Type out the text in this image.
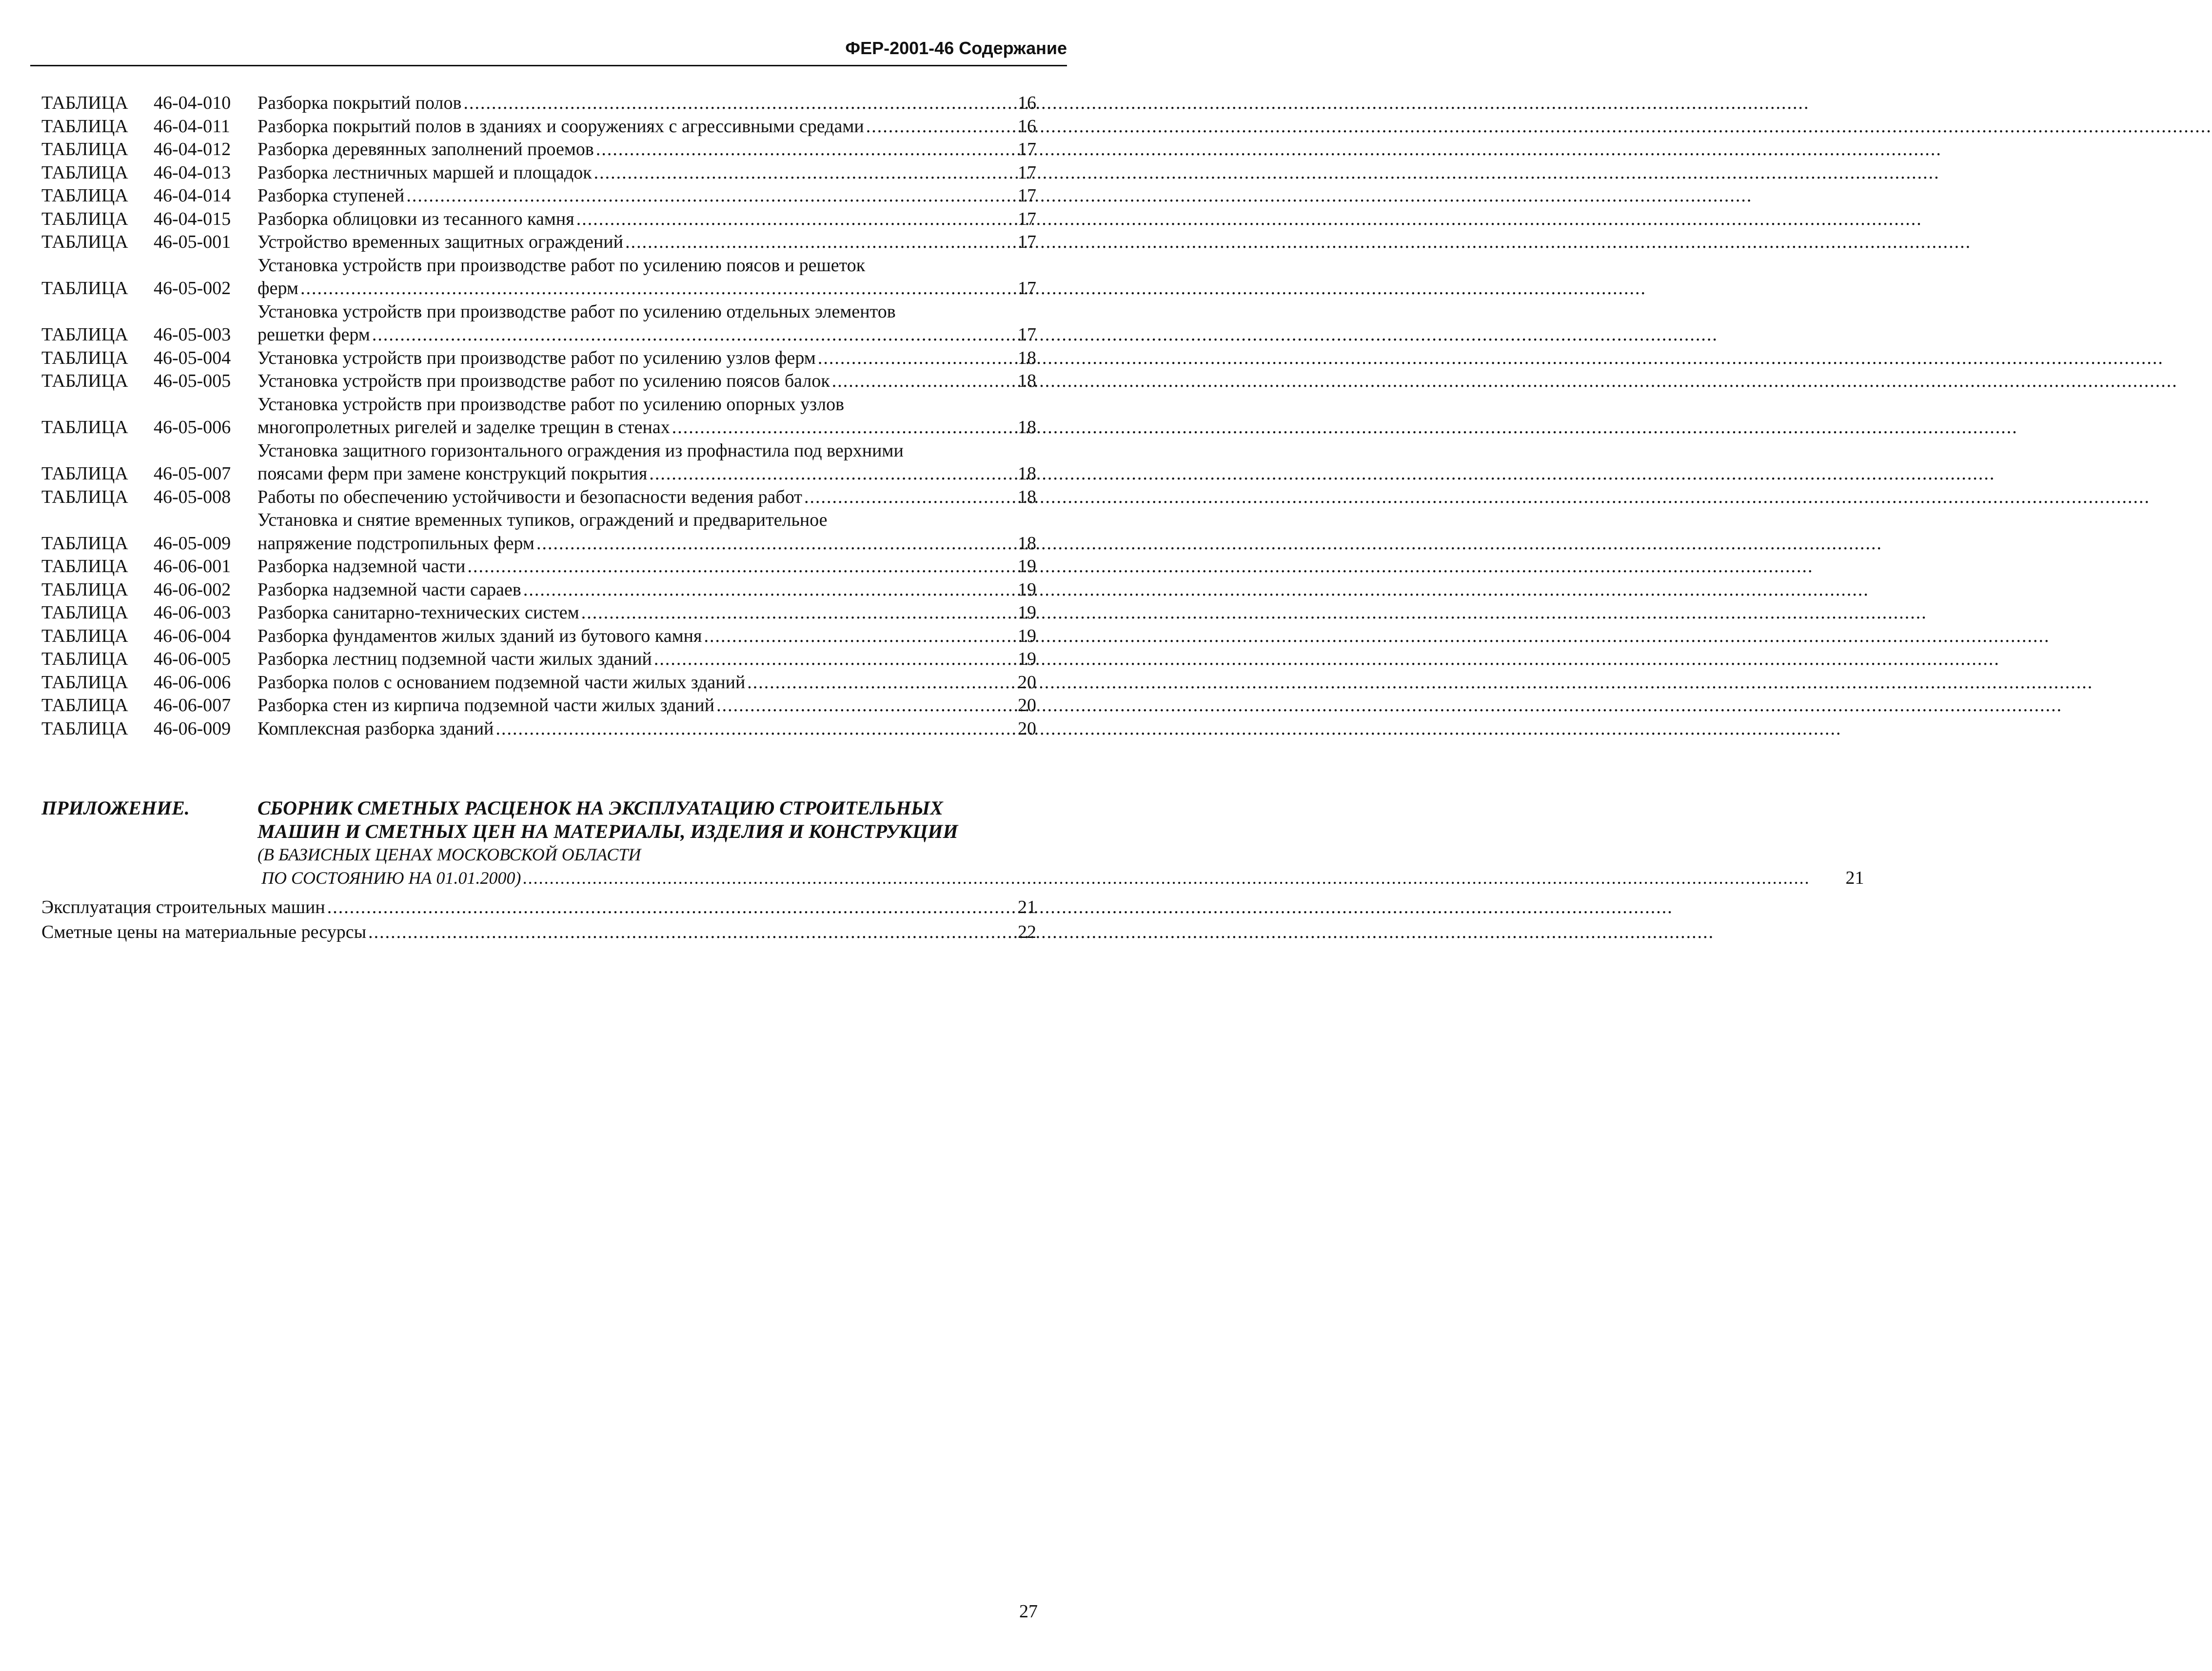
ФЕР-2001-46 Содержание
ТАБЛИЦА	46-04-010	Разборка покрытий полов .....	16
ТАБЛИЦА	46-04-011	Разборка покрытий полов в зданиях и сооружениях с агрессивными средами .....	16
ТАБЛИЦА	46-04-012	Разборка деревянных заполнений проемов .....	17
ТАБЛИЦА	46-04-013	Разборка лестничных маршей и площадок .....	17
ТАБЛИЦА	46-04-014	Разборка ступеней .....	17
ТАБЛИЦА	46-04-015	Разборка облицовки из тесанного камня .....	17
ТАБЛИЦА	46-05-001	Устройство временных защитных ограждений .....	17
ТАБЛИЦА	46-05-002
Установка устройств при производстве работ по усилению поясов и решеток
ферм .....	17
ТАБЛИЦА	46-05-003
Установка устройств при производстве работ по усилению отдельных элементов
решетки ферм .....	17
ТАБЛИЦА	46-05-004	Установка устройств при производстве работ по усилению узлов ферм .....	18
ТАБЛИЦА	46-05-005	Установка устройств при производстве работ по усилению поясов балок .....	18
ТАБЛИЦА	46-05-006
Установка устройств при производстве работ по усилению опорных узлов
многопролетных ригелей и заделке трещин в стенах .....	18
ТАБЛИЦА	46-05-007
Установка защитного горизонтального ограждения из профнастила под верхними
поясами ферм при замене конструкций покрытия .....	18
ТАБЛИЦА	46-05-008	Работы по обеспечению устойчивости и безопасности ведения работ .....	18
ТАБЛИЦА	46-05-009
Установка и снятие временных тупиков, ограждений и предварительное
напряжение подстропильных ферм .....	18
ТАБЛИЦА	46-06-001	Разборка надземной части .....	19
ТАБЛИЦА	46-06-002	Разборка надземной части сараев .....	19
ТАБЛИЦА	46-06-003	Разборка санитарно-технических систем .....	19
ТАБЛИЦА	46-06-004	Разборка фундаментов жилых зданий из бутового камня .....	19
ТАБЛИЦА	46-06-005	Разборка лестниц подземной части жилых зданий .....	19
ТАБЛИЦА	46-06-006	Разборка полов с основанием подземной части жилых зданий .....	20
ТАБЛИЦА	46-06-007	Разборка стен из кирпича подземной части жилых зданий .....	20
ТАБЛИЦА	46-06-009	Комплексная разборка зданий .....	20
ПРИЛОЖЕНИЕ.	СБОРНИК СМЕТНЫХ РАСЦЕНОК НА ЭКСПЛУАТАЦИЮ СТРОИТЕЛЬНЫХ
МАШИН И СМЕТНЫХ ЦЕН НА МАТЕРИАЛЫ, ИЗДЕЛИЯ И КОНСТРУКЦИИ
(В БАЗИСНЫХ ЦЕНАХ МОСКОВСКОЙ ОБЛАСТИ
ПО СОСТОЯНИЮ НА 01.01.2000) .....	21
Эксплуатация строительных машин .....	21
Сметные цены на материальные ресурсы .....	22
27
